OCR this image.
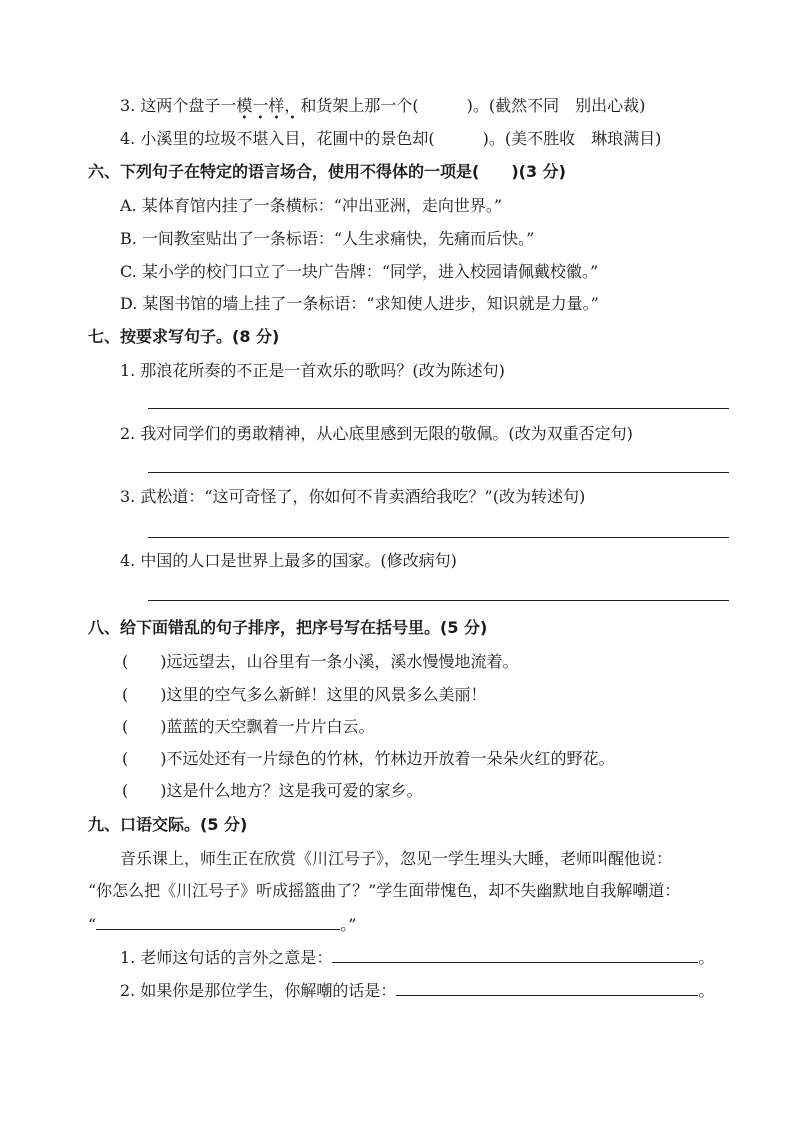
3. 这两个盘子一模一样，和货架上那一个(　　　)。(截然不同　别出心裁)
4. 小溪里的垃圾不堪入目，花圃中的景色却(　　　)。(美不胜收　琳琅满目)
六、下列句子在特定的语言场合，使用不得体的一项是(　　)(3 分)
A. 某体育馆内挂了一条横标：“冲出亚洲，走向世界。”
B. 一间教室贴出了一条标语：“人生求痛快，先痛而后快。”
C. 某小学的校门口立了一块广告牌：“同学，进入校园请佩戴校徽。”
D. 某图书馆的墙上挂了一条标语：“求知使人进步，知识就是力量。”
七、按要求写句子。(8 分)
1. 那浪花所奏的不正是一首欢乐的歌吗？(改为陈述句)
2. 我对同学们的勇敢精神，从心底里感到无限的敬佩。(改为双重否定句)
3. 武松道：“这可奇怪了，你如何不肯卖酒给我吃？”(改为转述句)
4. 中国的人口是世界上最多的国家。(修改病句)
八、给下面错乱的句子排序，把序号写在括号里。(5 分)
(　　)远远望去，山谷里有一条小溪，溪水慢慢地流着。
(　　)这里的空气多么新鲜！这里的风景多么美丽！
(　　)蓝蓝的天空飘着一片片白云。
(　　)不远处还有一片绿色的竹林，竹林边开放着一朵朵火红的野花。
(　　)这是什么地方？这是我可爱的家乡。
九、口语交际。(5 分)
音乐课上，师生正在欣赏《川江号子》，忽见一学生埋头大睡，老师叫醒他说：
“你怎么把《川江号子》听成摇篮曲了？”学生面带愧色，却不失幽默地自我解嘲道：
“	。”
1. 老师这句话的言外之意是：	。
2. 如果你是那位学生，你解嘲的话是：	。
